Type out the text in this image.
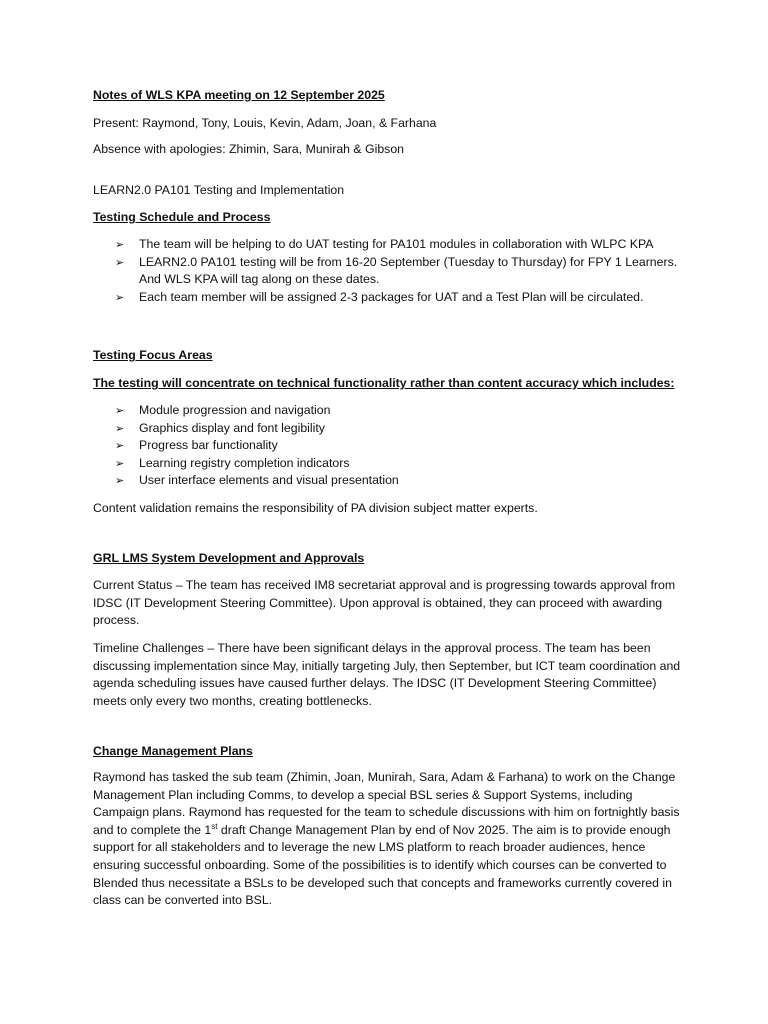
Notes of WLS KPA meeting on 12 September 2025

Present: Raymond, Tony, Louis, Kevin, Adam, Joan, & Farhana

Absence with apologies: Zhimin, Sara, Munirah & Gibson

LEARN2.0 PA101 Testing and Implementation

Testing Schedule and Process

➢ The team will be helping to do UAT testing for PA101 modules in collaboration with WLPC KPA
➢ LEARN2.0 PA101 testing will be from 16-20 September (Tuesday to Thursday) for FPY 1 Learners. And WLS KPA will tag along on these dates.
➢ Each team member will be assigned 2-3 packages for UAT and a Test Plan will be circulated.

Testing Focus Areas

The testing will concentrate on technical functionality rather than content accuracy which includes:

➢ Module progression and navigation
➢ Graphics display and font legibility
➢ Progress bar functionality
➢ Learning registry completion indicators
➢ User interface elements and visual presentation

Content validation remains the responsibility of PA division subject matter experts.

GRL LMS System Development and Approvals

Current Status – The team has received IM8 secretariat approval and is progressing towards approval from IDSC (IT Development Steering Committee). Upon approval is obtained, they can proceed with awarding process.

Timeline Challenges – There have been significant delays in the approval process. The team has been discussing implementation since May, initially targeting July, then September, but ICT team coordination and agenda scheduling issues have caused further delays. The IDSC (IT Development Steering Committee) meets only every two months, creating bottlenecks.

Change Management Plans

Raymond has tasked the sub team (Zhimin, Joan, Munirah, Sara, Adam & Farhana) to work on the Change Management Plan including Comms, to develop a special BSL series & Support Systems, including Campaign plans. Raymond has requested for the team to schedule discussions with him on fortnightly basis and to complete the 1st draft Change Management Plan by end of Nov 2025. The aim is to provide enough support for all stakeholders and to leverage the new LMS platform to reach broader audiences, hence ensuring successful onboarding. Some of the possibilities is to identify which courses can be converted to Blended thus necessitate a BSLs to be developed such that concepts and frameworks currently covered in class can be converted into BSL.
